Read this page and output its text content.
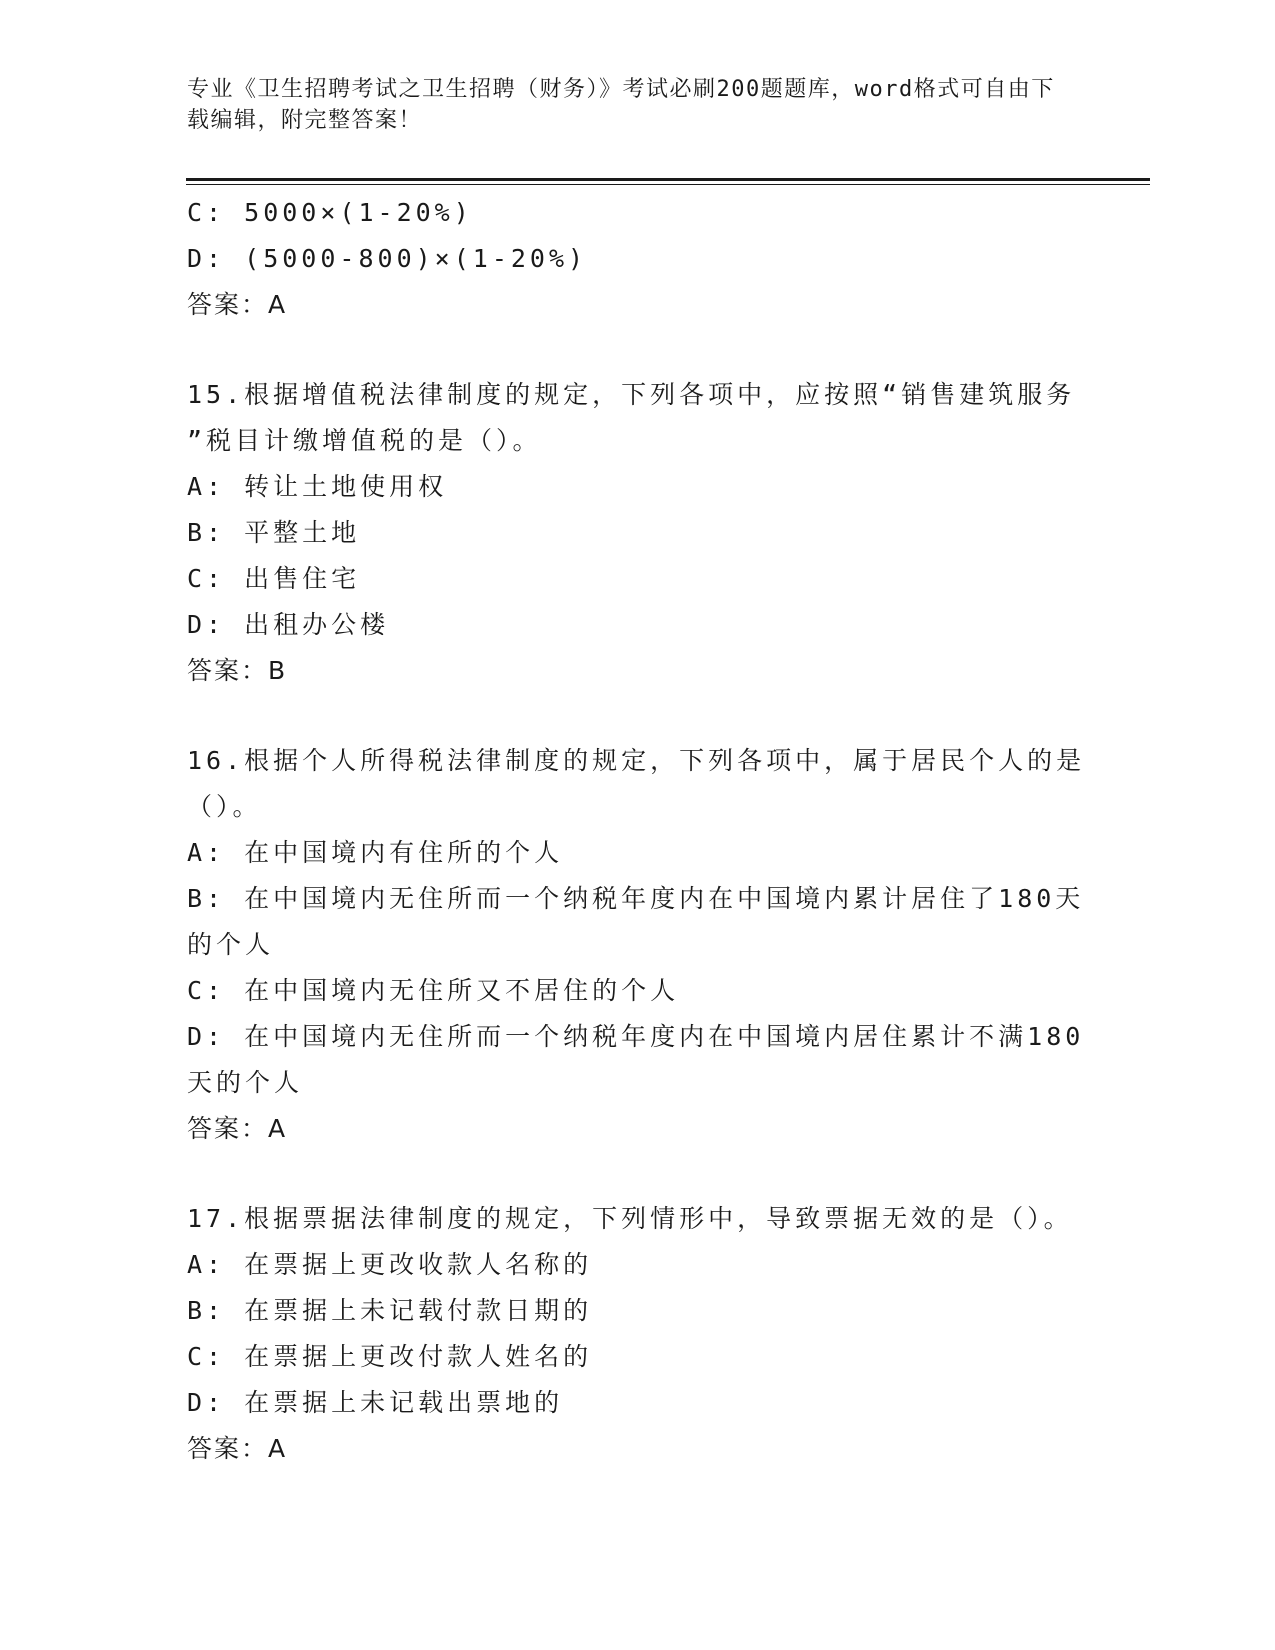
专业《卫生招聘考试之卫生招聘（财务）》考试必刷200题题库，word格式可自由下载编辑，附完整答案！
C: 5000×(1-20%)
D: (5000-800)×(1-20%)
答案：A
15.根据增值税法律制度的规定，下列各项中，应按照“销售建筑服务
”税目计缴增值税的是（）。
A: 转让土地使用权
B: 平整土地
C: 出售住宅
D: 出租办公楼
答案：B
16.根据个人所得税法律制度的规定，下列各项中，属于居民个人的是
（）。
A: 在中国境内有住所的个人
B: 在中国境内无住所而一个纳税年度内在中国境内累计居住了180天
的个人
C: 在中国境内无住所又不居住的个人
D: 在中国境内无住所而一个纳税年度内在中国境内居住累计不满180
天的个人
答案：A
17.根据票据法律制度的规定，下列情形中，导致票据无效的是（）。
A: 在票据上更改收款人名称的
B: 在票据上未记载付款日期的
C: 在票据上更改付款人姓名的
D: 在票据上未记载出票地的
答案：A
